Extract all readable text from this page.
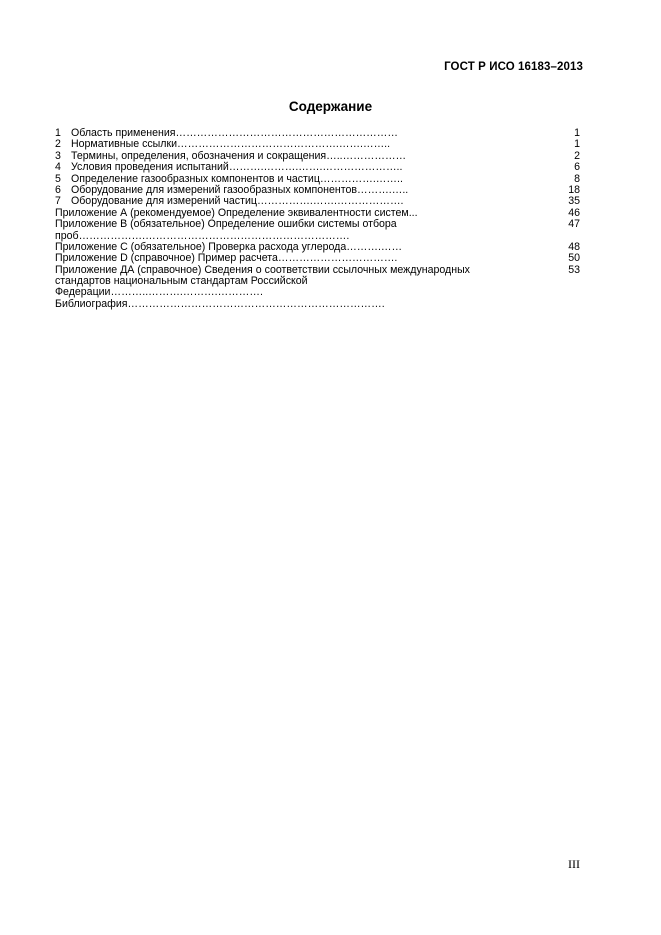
ГОСТ Р ИСО 16183–2013
Содержание
1 Область применения………………………………………………………	1
2 Нормативные ссылки……………………………………….…….……..	1
3 Термины, определения, обозначения и сокращения…..………………	2
4 Условия проведения испытаний……….……….…….…………………..	6
5 Определение газообразных компонентов и частиц…………….……..	8
6 Оборудование для измерений газообразных компонентов……….…..	18
7 Оборудование для измерений частиц…………….…….……………….	35
Приложение А (рекомендуемое) Определение эквивалентности систем...	46
Приложение В (обязательное) Определение ошибки системы отбора	47
проб……………….………………………………………………….
Приложение С (обязательное) Проверка расхода углерода……….……	48
Приложение D (справочное) Пример расчета…………………………….	50
Приложение ДА (справочное) Сведения о соответствии ссылочных международных	53
стандартов национальным стандартам Российской
Федерации………..……….……….………….
Библиография……………………………………………………………….
III
